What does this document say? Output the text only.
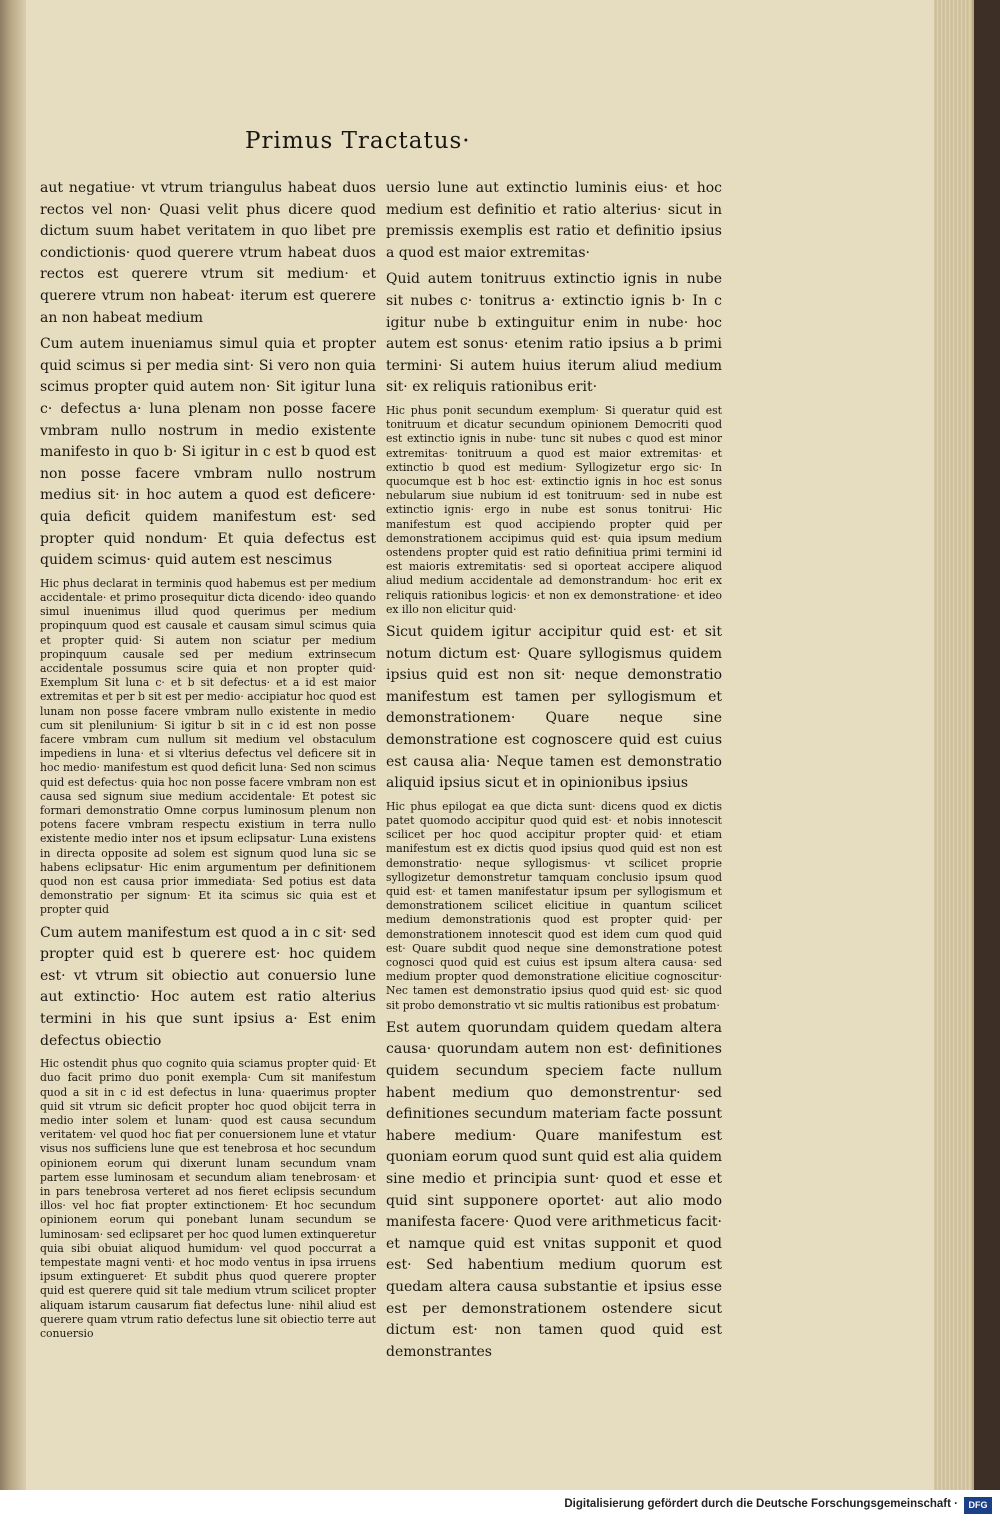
Primus Tractatus·

aut negatiue· vt vtrum triangulus habeat duos rectos vel non· Quasi velit phus dicere quod dictum suum habet veritatem in quo libet pre condictionis· quod querere vtrum habeat duos rectos est querere vtrum sit medium· et querere vtrum non habeat· iterum est querere an non habeat medium

Cum autem inueniamus simul quia et propter quid scimus si per media sint· Si vero non quia scimus propter quid autem non· Sit igitur luna c· defectus a· luna plenam non posse facere vmbram nullo nostrum in medio existente manifesto in quo b· Si igitur in c est b quod est non posse facere vmbram nullo nostrum medius sit· in hoc autem a quod est deficere· quia deficit quidem manifestum est· sed propter quid nondum· Et quia defectus est quidem scimus· quid autem est nescimus

Hic phus declarat in terminis quod habemus est per medium accidentale· et primo prosequitur dicta dicendo· ideo quando simul inuenimus illud quod querimus per medium propinquum quod est causale et causam simul scimus quia et propter quid· Si autem non sciatur per medium propinquum causale sed per medium extrinsecum accidentale possumus scire quia et non propter quid· Exemplum Sit luna c· et b sit defectus· et a id est maior extremitas et per b sit est per medio· accipiatur hoc quod est lunam non posse facere vmbram nullo existente in medio cum sit plenilunium· Si igitur b sit in c id est non posse facere vmbram cum nullum sit medium vel obstaculum impediens in luna· et si vlterius defectus vel deficere sit in hoc medio· manifestum est quod deficit luna· Sed non scimus quid est defectus· quia hoc non posse facere vmbram non est causa sed signum siue medium accidentale· Et potest sic formari demonstratio Omne corpus luminosum plenum non potens facere vmbram respectu existium in terra nullo existente medio inter nos et ipsum eclipsatur· Luna existens in directa opposite ad solem est signum quod luna sic se habens eclipsatur· Hic enim argumentum per definitionem quod non est causa prior immediata· Sed potius est data demonstratio per signum· Et ita scimus sic quia est et propter quid

Cum autem manifestum est quod a in c sit· sed propter quid est b querere est· hoc quidem est· vt vtrum sit obiectio aut conuersio lune aut extinctio· Hoc autem est ratio alterius termini in his que sunt ipsius a· Est enim defectus obiectio

Hic ostendit phus quo cognito quia sciamus propter quid· Et duo facit primo duo ponit exempla· Cum sit manifestum quod a sit in c id est defectus in luna· quaerimus propter quid sit vtrum sic deficit propter hoc quod obijcit terra in medio inter solem et lunam· quod est causa secundum veritatem· vel quod hoc fiat per conuersionem lune et vtatur visus nos sufficiens lune que est tenebrosa et hoc secundum opinionem eorum qui dixerunt lunam secundum vnam partem esse luminosam et secundum aliam tenebrosam· et in pars tenebrosa verteret ad nos fieret eclipsis secundum illos· vel hoc fiat propter extinctionem· Et hoc secundum opinionem eorum qui ponebant lunam secundum se luminosam· sed eclipsaret per hoc quod lumen extinqueretur quia sibi obuiat aliquod humidum· vel quod poccurrat a tempestate magni venti· et hoc modo ventus in ipsa irruens ipsum extingueret· Et subdit phus quod querere propter quid est querere quid sit tale medium vtrum scilicet propter aliquam istarum causarum fiat defectus lune· nihil aliud est querere quam vtrum ratio defectus lune sit obiectio terre aut conuersio

uersio lune aut extinctio luminis eius· et hoc medium est definitio et ratio alterius· sicut in premissis exemplis est ratio et definitio ipsius a quod est maior extremitas·

Quid autem tonitruus extinctio ignis in nube sit nubes c· tonitrus a· extinctio ignis b· In c igitur nube b extinguitur enim in nube· hoc autem est sonus· etenim ratio ipsius a b primi termini· Si autem huius iterum aliud medium sit· ex reliquis rationibus erit·

Hic phus ponit secundum exemplum· Si queratur quid est tonitruum et dicatur secundum opinionem Democriti quod est extinctio ignis in nube· tunc sit nubes c quod est minor extremitas· tonitruum a quod est maior extremitas· et extinctio b quod est medium· Syllogizetur ergo sic· In quocumque est b hoc est· extinctio ignis in hoc est sonus nebularum siue nubium id est tonitruum· sed in nube est extinctio ignis· ergo in nube est sonus tonitrui· Hic manifestum est quod accipiendo propter quid per demonstrationem accipimus quid est· quia ipsum medium ostendens propter quid est ratio definitiua primi termini id est maioris extremitatis· sed si oporteat accipere aliquod aliud medium accidentale ad demonstrandum· hoc erit ex reliquis rationibus logicis· et non ex demonstratione· et ideo ex illo non elicitur quid·

Sicut quidem igitur accipitur quid est· et sit notum dictum est· Quare syllogismus quidem ipsius quid est non sit· neque demonstratio manifestum est tamen per syllogismum et demonstrationem· Quare neque sine demonstratione est cognoscere quid est cuius est causa alia· Neque tamen est demonstratio aliquid ipsius sicut et in opinionibus ipsius

Hic phus epilogat ea que dicta sunt· dicens quod ex dictis patet quomodo accipitur quod quid est· et nobis innotescit scilicet per hoc quod accipitur propter quid· et etiam manifestum est ex dictis quod ipsius quod quid est non est demonstratio· neque syllogismus· vt scilicet proprie syllogizetur demonstretur tamquam conclusio ipsum quod quid est· et tamen manifestatur ipsum per syllogismum et demonstrationem scilicet elicitiue in quantum scilicet medium demonstrationis quod est propter quid· per demonstrationem innotescit quod est idem cum quod quid est· Quare subdit quod neque sine demonstratione potest cognosci quod quid est cuius est ipsum altera causa· sed medium propter quod demonstratione elicitiue cognoscitur· Nec tamen est demonstratio ipsius quod quid est· sic quod sit probo demonstratio vt sic multis rationibus est probatum·

Est autem quorundam quidem quedam altera causa· quorundam autem non est· definitiones quidem secundum speciem facte nullum habent medium quo demonstrentur· sed definitiones secundum materiam facte possunt habere medium· Quare manifestum est quoniam eorum quod sunt quid est alia quidem sine medio et principia sunt· quod et esse et quid sint supponere oportet· aut alio modo manifesta facere· Quod vere arithmeticus facit· et namque quid est vnitas supponit et quod est· Sed habentium medium quorum est quedam altera causa substantie et ipsius esse est per demonstrationem ostendere sicut dictum est· non tamen quod quid est demonstrantes

Digitalisierung gefördert durch die Deutsche Forschungsgemeinschaft ·	DFG
